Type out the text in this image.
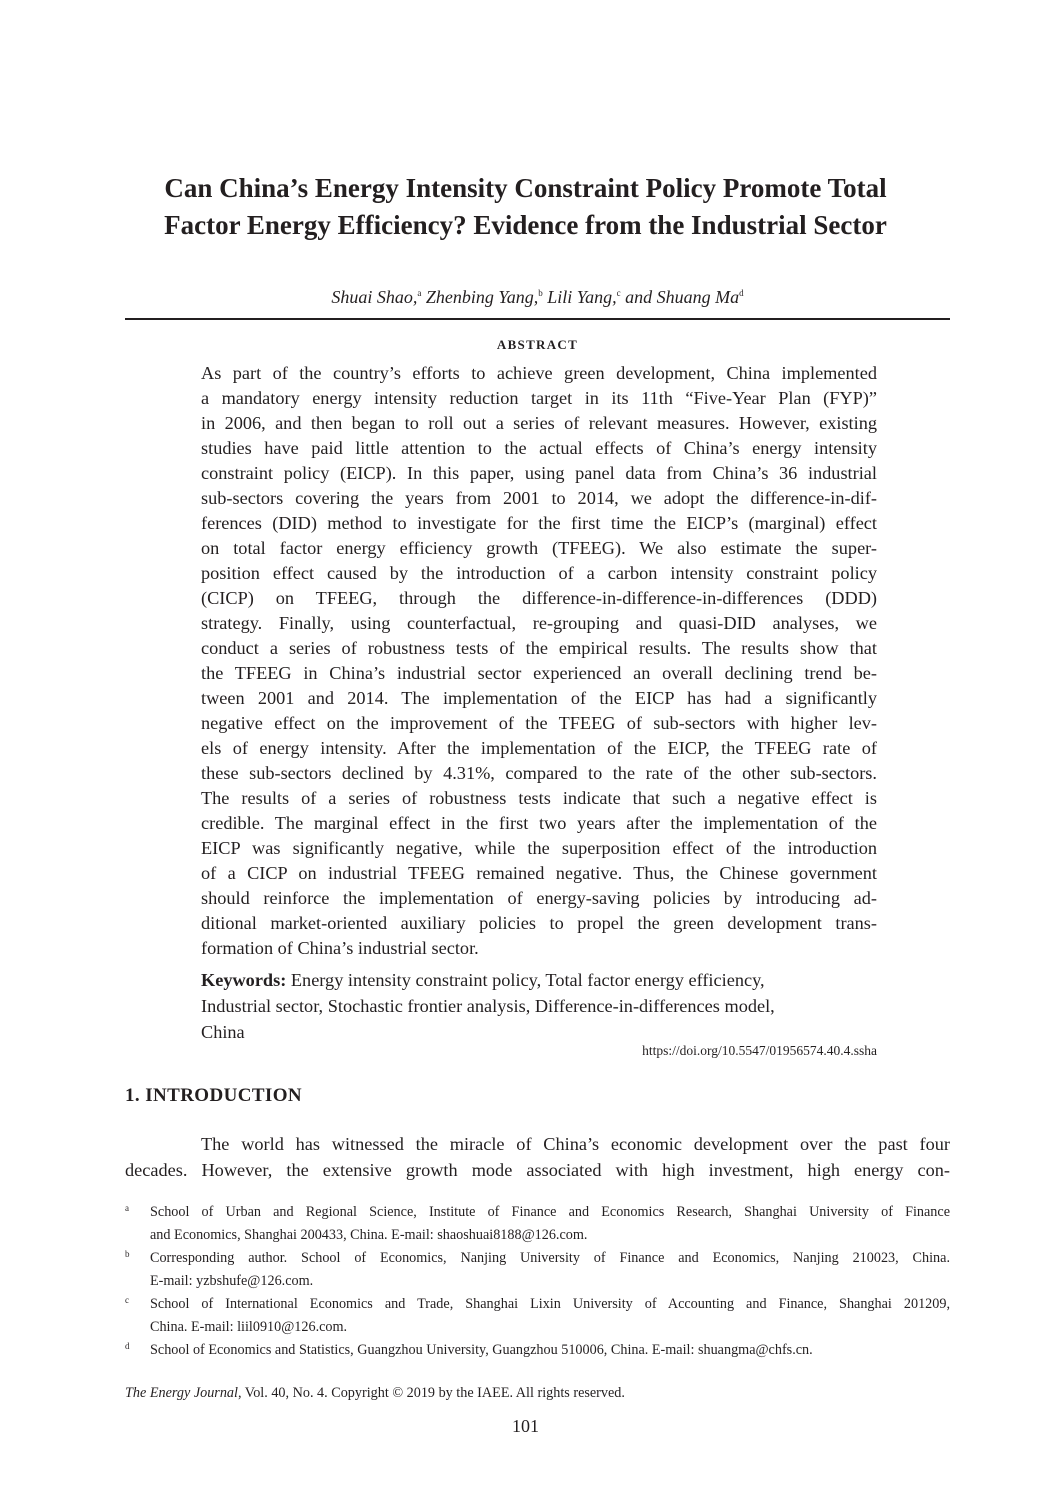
Can China’s Energy Intensity Constraint Policy Promote Total
Factor Energy Efficiency? Evidence from the Industrial Sector
Shuai Shao,$^a$ Zhenbing Yang,$^b$ Lili Yang,$^c$ and Shuang Ma$^d$
ABSTRACT
As part of the country’s efforts to achieve green development, China implemented
a mandatory energy intensity reduction target in its 11th “Five-Year Plan (FYP)”
in 2006, and then began to roll out a series of relevant measures. However, existing
studies have paid little attention to the actual effects of China’s energy intensity
constraint policy (EICP). In this paper, using panel data from China’s 36 industrial
sub-sectors covering the years from 2001 to 2014, we adopt the difference-in-dif-
ferences (DID) method to investigate for the first time the EICP’s (marginal) effect
on total factor energy efficiency growth (TFEEG). We also estimate the super-
position effect caused by the introduction of a carbon intensity constraint policy
(CICP) on TFEEG, through the difference-in-difference-in-differences (DDD)
strategy. Finally, using counterfactual, re-grouping and quasi-DID analyses, we
conduct a series of robustness tests of the empirical results. The results show that
the TFEEG in China’s industrial sector experienced an overall declining trend be-
tween 2001 and 2014. The implementation of the EICP has had a significantly
negative effect on the improvement of the TFEEG of sub-sectors with higher lev-
els of energy intensity. After the implementation of the EICP, the TFEEG rate of
these sub-sectors declined by 4.31%, compared to the rate of the other sub-sectors.
The results of a series of robustness tests indicate that such a negative effect is
credible. The marginal effect in the first two years after the implementation of the
EICP was significantly negative, while the superposition effect of the introduction
of a CICP on industrial TFEEG remained negative. Thus, the Chinese government
should reinforce the implementation of energy-saving policies by introducing ad-
ditional market-oriented auxiliary policies to propel the green development trans-
formation of China’s industrial sector.
Keywords: Energy intensity constraint policy, Total factor energy efficiency,
Industrial sector, Stochastic frontier analysis, Difference-in-differences model,
China
https://doi.org/10.5547/01956574.40.4.ssha
1. INTRODUCTION
The world has witnessed the miracle of China’s economic development over the past four
decades. However, the extensive growth mode associated with high investment, high energy con-
a School of Urban and Regional Science, Institute of Finance and Economics Research, Shanghai University of Finance
and Economics, Shanghai 200433, China. E-mail: shaoshuai8188@126.com.
b Corresponding author. School of Economics, Nanjing University of Finance and Economics, Nanjing 210023, China.
E-mail: yzbshufe@126.com.
c School of International Economics and Trade, Shanghai Lixin University of Accounting and Finance, Shanghai 201209,
China. E-mail: liil0910@126.com.
d School of Economics and Statistics, Guangzhou University, Guangzhou 510006, China. E-mail: shuangma@chfs.cn.
The Energy Journal, Vol. 40, No. 4. Copyright © 2019 by the IAEE. All rights reserved.
101
